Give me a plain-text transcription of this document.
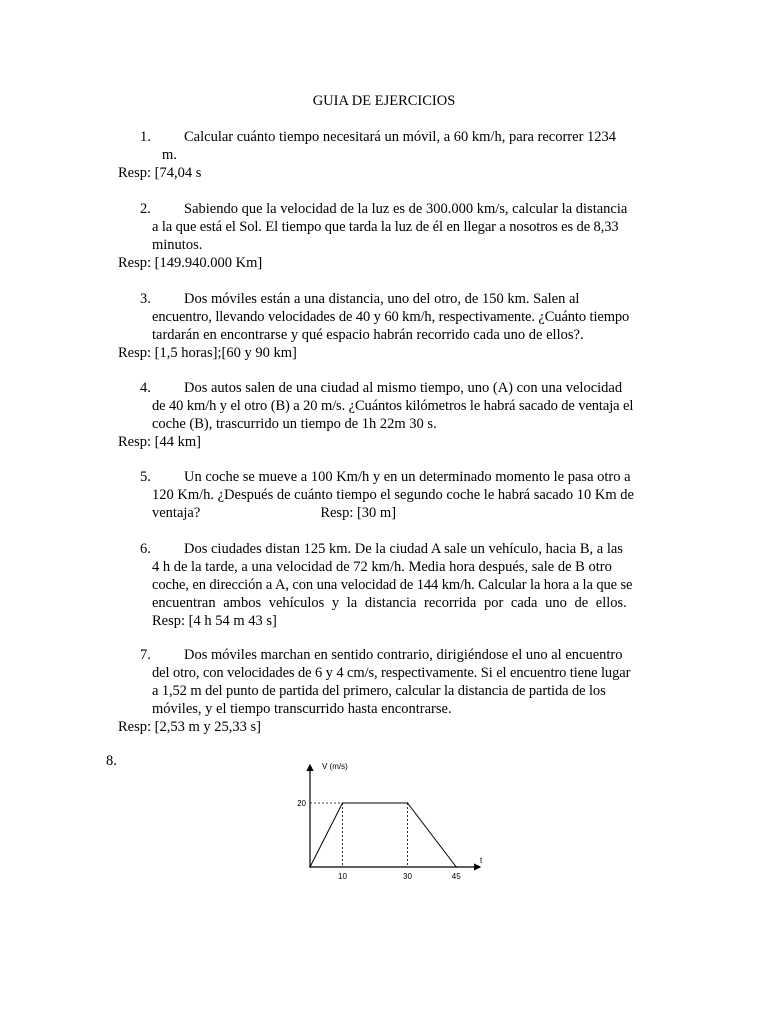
GUIA DE EJERCICIOS
1. Calcular cuánto tiempo necesitará un móvil, a 60 km/h, para recorrer 1234
m.
Resp: [74,04 s
2. Sabiendo que la velocidad de la luz es de 300.000 km/s, calcular la distancia
a la que está el Sol. El tiempo que tarda la luz de él en llegar a nosotros es de 8,33
minutos.
Resp: [149.940.000 Km]
3. Dos móviles están a una distancia, uno del otro, de 150 km. Salen al
encuentro, llevando velocidades de 40 y 60 km/h, respectivamente. ¿Cuánto tiempo
tardarán en encontrarse y qué espacio habrán recorrido cada uno de ellos?.
Resp: [1,5 horas];[60 y 90 km]
4. Dos autos salen de una ciudad al mismo tiempo, uno (A) con una velocidad
de 40 km/h y el otro (B) a 20 m/s. ¿Cuántos kilómetros le habrá sacado de ventaja el
coche (B), trascurrido un tiempo de 1h 22m 30 s.
Resp: [44 km]
5. Un coche se mueve a 100 Km/h y en un determinado momento le pasa otro a
120 Km/h. ¿Después de cuánto tiempo el segundo coche le habrá sacado 10 Km de
ventaja?	Resp: [30 m]
6. Dos ciudades distan 125 km. De la ciudad A sale un vehículo, hacia B, a las
4 h de la tarde, a una velocidad de 72 km/h. Media hora después, sale de B otro
coche, en dirección a A, con una velocidad de 144 km/h. Calcular la hora a la que se
encuentran ambos vehículos y la distancia recorrida por cada uno de ellos.
Resp: [4 h 54 m 43 s]
7. Dos móviles marchan en sentido contrario, dirigiéndose el uno al encuentro
del otro, con velocidades de 6 y 4 cm/s, respectivamente. Si el encuentro tiene lugar
a 1,52 m del punto de partida del primero, calcular la distancia de partida de los
móviles, y el tiempo transcurrido hasta encontrarse.
Resp: [2,53 m y 25,33 s]
8.	V (m/s)
t
20
10	30	45
